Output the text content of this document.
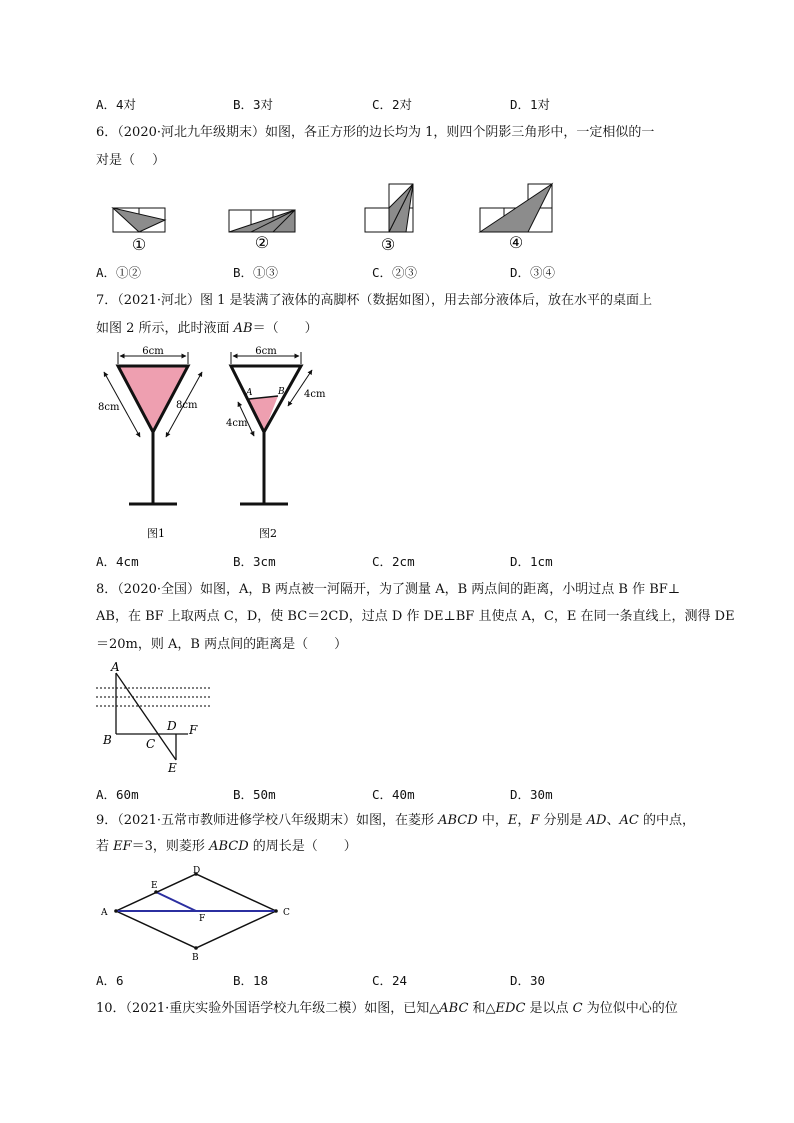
A．4对	B．3对	C．2对	D．1对
6．（2020·河北九年级期末）如图，各正方形的边长均为 1，则四个阴影三角形中，一定相似的一
对是（　 ）
①	②	③	④
A．①②	B．①③	C．②③	D．③④
7．（2021·河北）图 1 是装满了液体的高脚杯（数据如图），用去部分液体后，放在水平的桌面上
如图 2 所示，此时液面 AB＝（　　）
6cm
8cm	8cm
图1
6cm
A	B 4cm
4cm
图2
A．4cm	B．3cm	C．2cm	D．1cm
8．（2020·全国）如图，A，B 两点被一河隔开，为了测量 A，B 两点间的距离，小明过点 B 作 BF⊥
AB，在 BF 上取两点 C，D，使 BC＝2CD，过点 D 作 DE⊥BF 且使点 A，C，E 在同一条直线上，测得 DE
＝20m，则 A，B 两点间的距离是（　　）
A
B	C
D
E
F
A．60m	B．50m	C．40m	D．30m
9．（2021·五常市教师进修学校八年级期末）如图，在菱形 ABCD 中，E，F 分别是 AD、AC 的中点，
若 EF＝3，则菱形 ABCD 的周长是（　　）
A
B
C
D
E
F
A．6	B．18	C．24	D．30
10．（2021·重庆实验外国语学校九年级二模）如图，已知△ABC 和△EDC 是以点 C 为位似中心的位
